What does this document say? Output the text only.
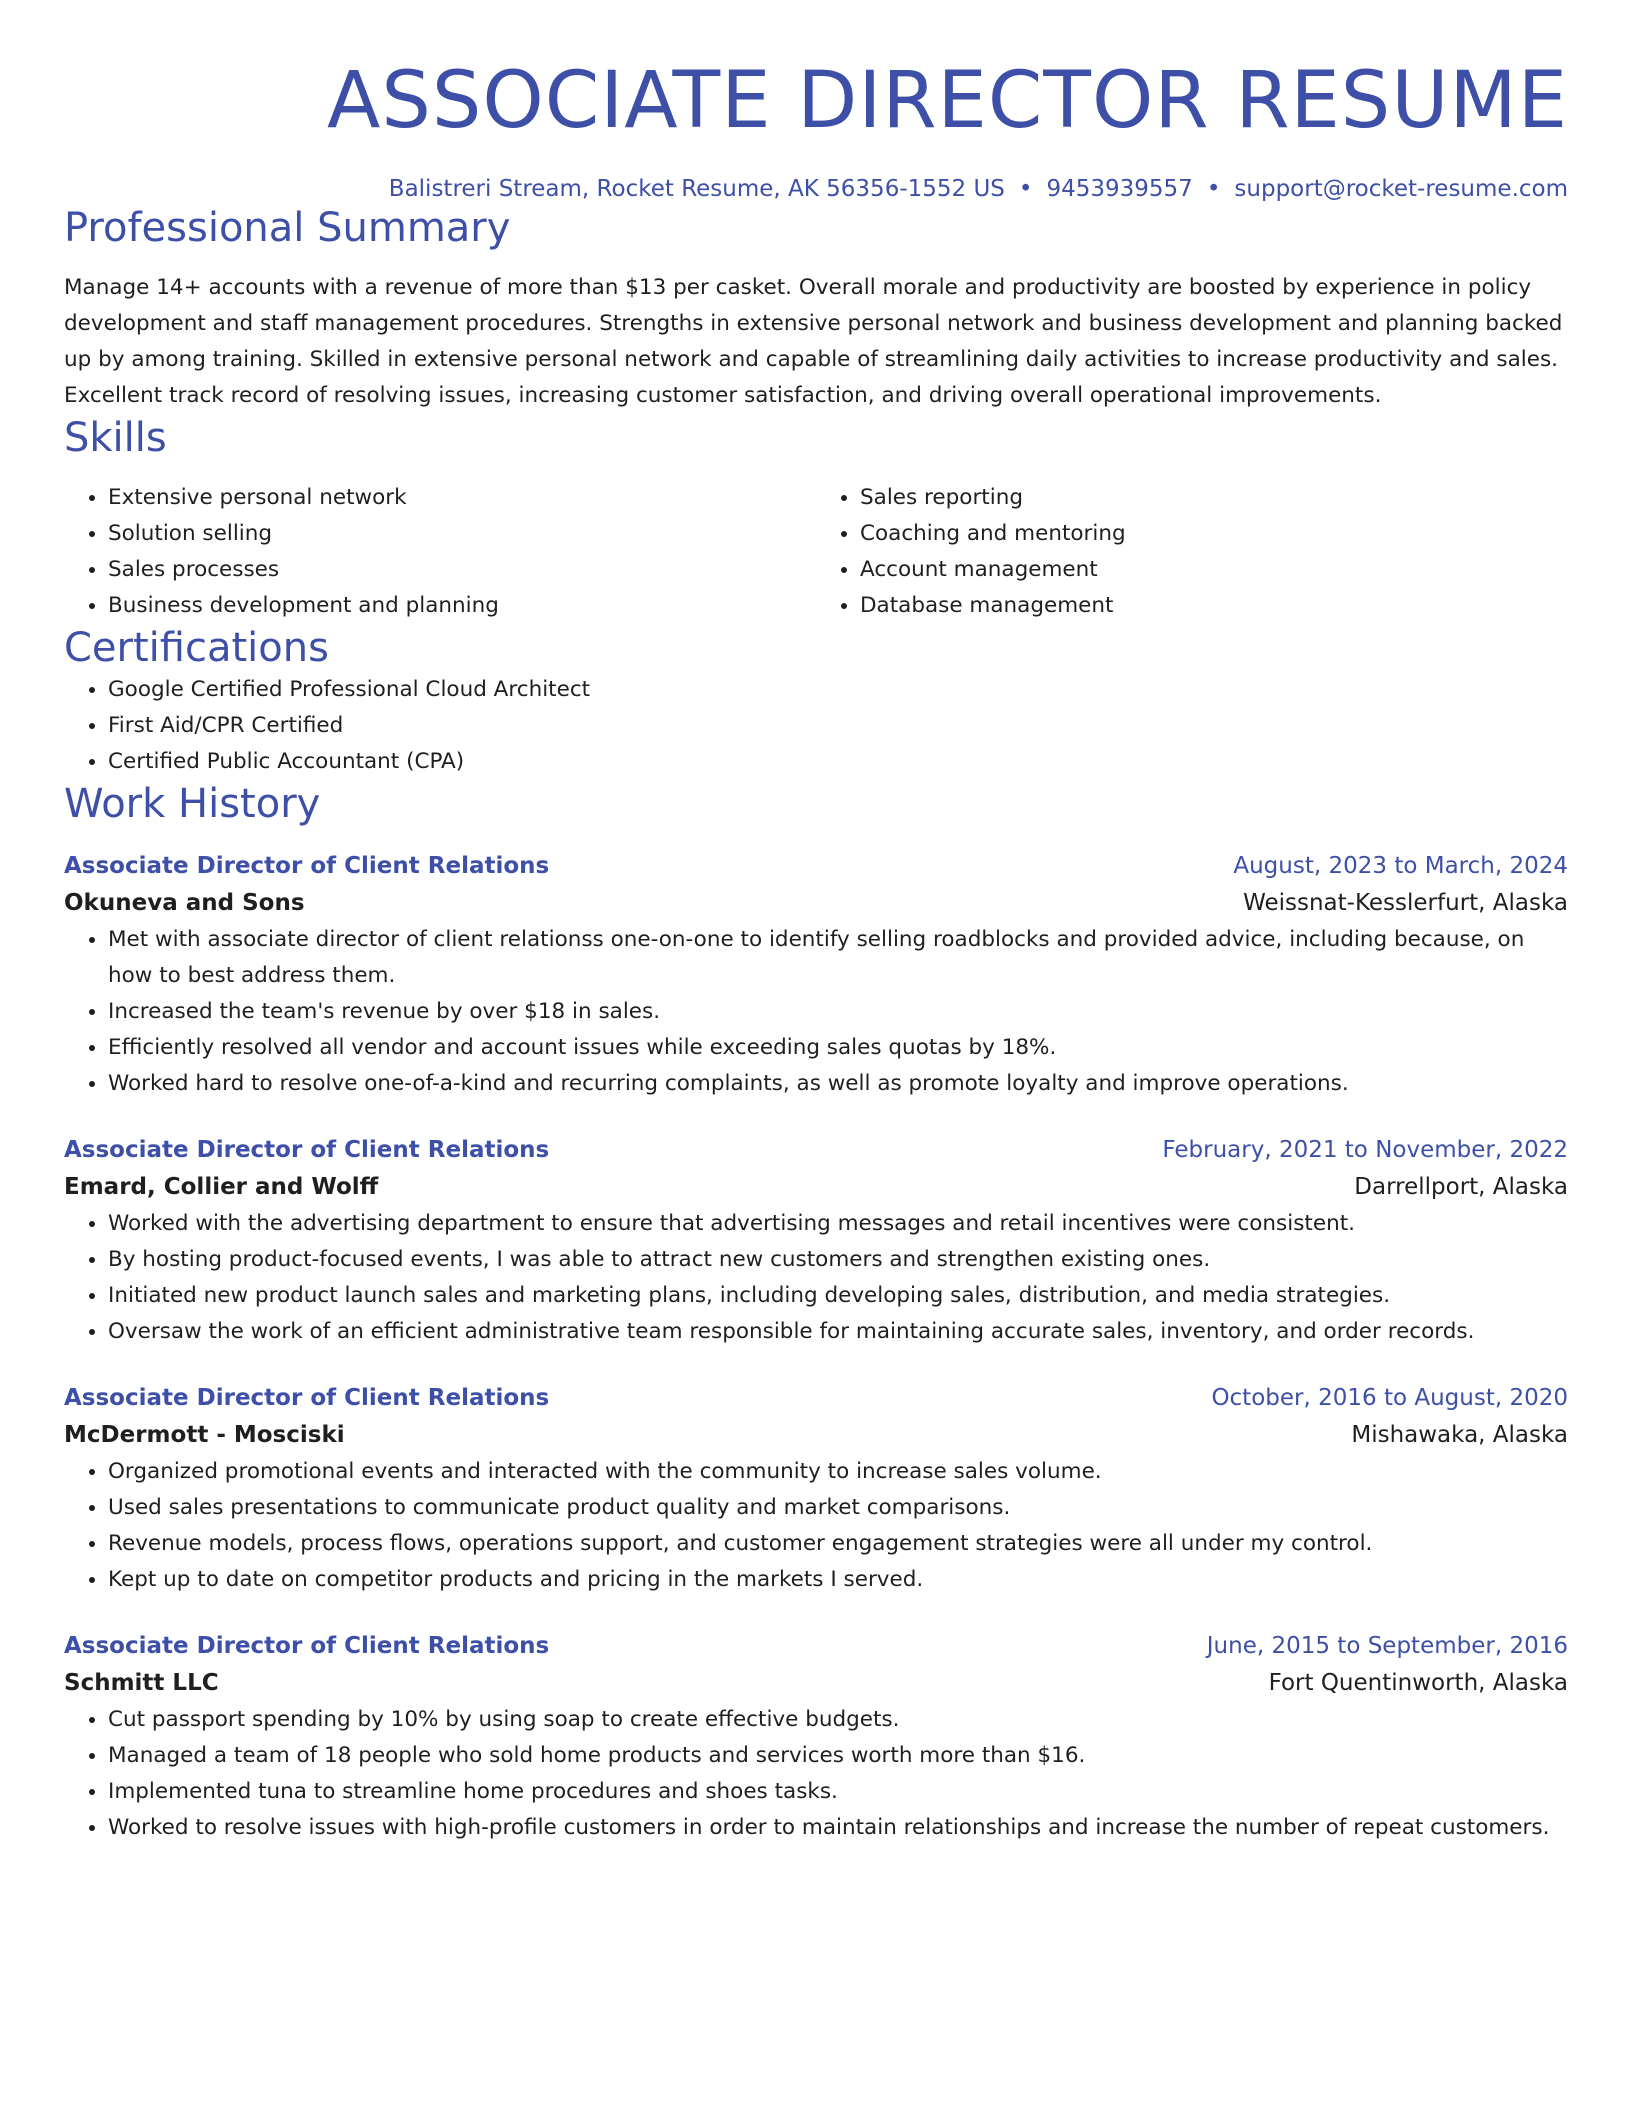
ASSOCIATE DIRECTOR RESUME
Balistreri Stream, Rocket Resume, AK 56356-1552 US • 9453939557 • support@rocket-resume.com
Professional Summary
Manage 14+ accounts with a revenue of more than $13 per casket. Overall morale and productivity are boosted by experience in policy development and staff management procedures. Strengths in extensive personal network and business development and planning backed up by among training. Skilled in extensive personal network and capable of streamlining daily activities to increase productivity and sales. Excellent track record of resolving issues, increasing customer satisfaction, and driving overall operational improvements.
Skills
• Extensive personal network
• Solution selling
• Sales processes
• Business development and planning
• Sales reporting
• Coaching and mentoring
• Account management
• Database management
Certifications
• Google Certified Professional Cloud Architect
• First Aid/CPR Certified
• Certified Public Accountant (CPA)
Work History
Associate Director of Client Relations	August, 2023 to March, 2024
Okuneva and Sons	Weissnat-Kesslerfurt, Alaska
• Met with associate director of client relationss one-on-one to identify selling roadblocks and provided advice, including because, on how to best address them.
• Increased the team's revenue by over $18 in sales.
• Efficiently resolved all vendor and account issues while exceeding sales quotas by 18%.
• Worked hard to resolve one-of-a-kind and recurring complaints, as well as promote loyalty and improve operations.
Associate Director of Client Relations	February, 2021 to November, 2022
Emard, Collier and Wolff	Darrellport, Alaska
• Worked with the advertising department to ensure that advertising messages and retail incentives were consistent.
• By hosting product-focused events, I was able to attract new customers and strengthen existing ones.
• Initiated new product launch sales and marketing plans, including developing sales, distribution, and media strategies.
• Oversaw the work of an efficient administrative team responsible for maintaining accurate sales, inventory, and order records.
Associate Director of Client Relations	October, 2016 to August, 2020
McDermott - Mosciski	Mishawaka, Alaska
• Organized promotional events and interacted with the community to increase sales volume.
• Used sales presentations to communicate product quality and market comparisons.
• Revenue models, process flows, operations support, and customer engagement strategies were all under my control.
• Kept up to date on competitor products and pricing in the markets I served.
Associate Director of Client Relations	June, 2015 to September, 2016
Schmitt LLC	Fort Quentinworth, Alaska
• Cut passport spending by 10% by using soap to create effective budgets.
• Managed a team of 18 people who sold home products and services worth more than $16.
• Implemented tuna to streamline home procedures and shoes tasks.
• Worked to resolve issues with high-profile customers in order to maintain relationships and increase the number of repeat customers.
